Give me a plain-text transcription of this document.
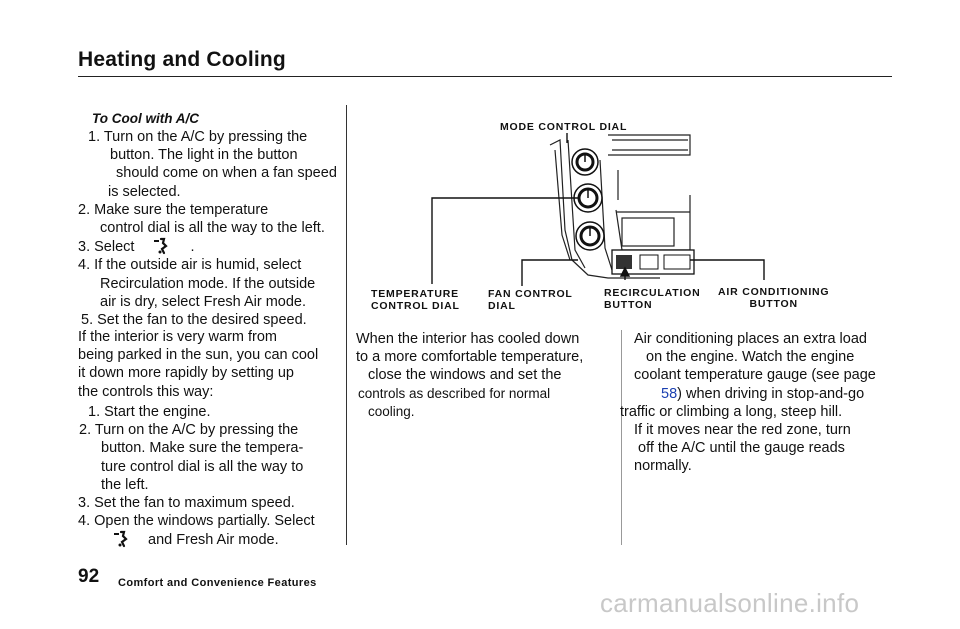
Heating and Cooling
To Cool with A/C

1. Turn on the A/C by pressing the
button. The light in the button
should come on when a fan speed
is selected.

2. Make sure the temperature
control dial is all the way to the left.

3. Select	.

4. If the outside air is humid, select
Recirculation mode. If the outside
air is dry, select Fresh Air mode.

5. Set the fan to the desired speed.

If the interior is very warm from
being parked in the sun, you can cool
it down more rapidly by setting up
the controls this way:

1. Start the engine.

2. Turn on the A/C by pressing the
button. Make sure the tempera-
ture control dial is all the way to
the left.

3. Set the fan to maximum speed.

4. Open the windows partially. Select
and Fresh Air mode.

MODE CONTROL DIAL
TEMPERATURE
CONTROL DIAL
FAN CONTROL
DIAL
RECIRCULATION
BUTTON
AIR CONDITIONING
BUTTON
When the interior has cooled down
to a more comfortable temperature,
close the windows and set the
controls as described for normal
cooling.
Air conditioning places an extra load
on the engine. Watch the engine
coolant temperature gauge (see page
58) when driving in stop-and-go
traffic or climbing a long, steep hill.
If it moves near the red zone, turn
off the A/C until the gauge reads
normally.
92 Comfort and Convenience Features
carmanualsonline.info
